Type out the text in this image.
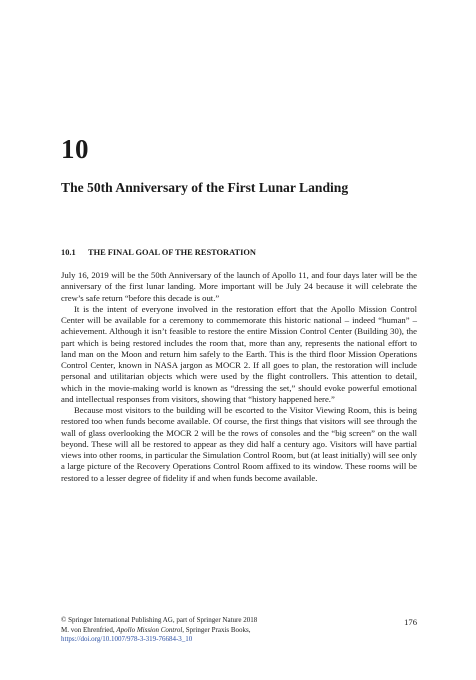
10
The 50th Anniversary of the First Lunar Landing
10.1 THE FINAL GOAL OF THE RESTORATION

July 16, 2019 will be the 50th Anniversary of the launch of Apollo 11, and four days later will be the anniversary of the first lunar landing. More important will be July 24 because it will celebrate the crew’s safe return “before this decade is out.”

It is the intent of everyone involved in the restoration effort that the Apollo Mission Control Center will be available for a ceremony to commemorate this historic national – indeed “human” – achievement. Although it isn’t feasible to restore the entire Mission Control Center (Building 30), the part which is being restored includes the room that, more than any, represents the national effort to land man on the Moon and return him safely to the Earth. This is the third floor Mission Operations Control Center, known in NASA jargon as MOCR 2. If all goes to plan, the restoration will include personal and utilitarian objects which were used by the flight controllers. This attention to detail, which in the movie-making world is known as “dressing the set,” should evoke powerful emotional and intellectual responses from visitors, showing that “history happened here.”

Because most visitors to the building will be escorted to the Visitor Viewing Room, this is being restored too when funds become available. Of course, the first things that visitors will see through the wall of glass overlooking the MOCR 2 will be the rows of consoles and the “big screen” on the wall beyond. These will all be restored to appear as they did half a century ago. Visitors will have partial views into other rooms, in particular the Simulation Control Room, but (at least initially) will see only a large picture of the Recovery Operations Control Room affixed to its window. These rooms will be restored to a lesser degree of fidelity if and when funds become available.

© Springer International Publishing AG, part of Springer Nature 2018
M. von Ehrenfried, Apollo Mission Control, Springer Praxis Books,
https://doi.org/10.1007/978-3-319-76684-3_10
176
